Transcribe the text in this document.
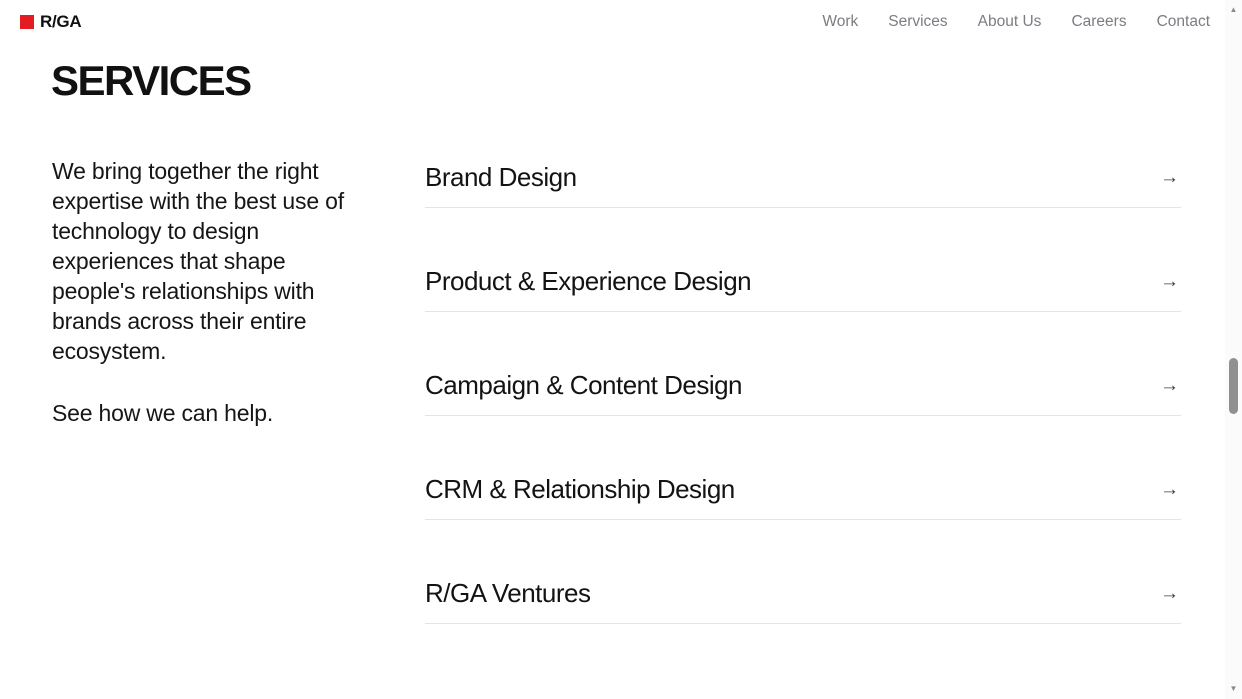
R/GA	Work Services About Us Careers Contact
SERVICES

We bring together the right expertise with the best use of technology to design experiences that shape people's relationships with brands across their entire ecosystem.

See how we can help.

Brand Design	→
Product & Experience Design	→
Campaign & Content Design	→
CRM & Relationship Design	→
R/GA Ventures	→
▲
▼
